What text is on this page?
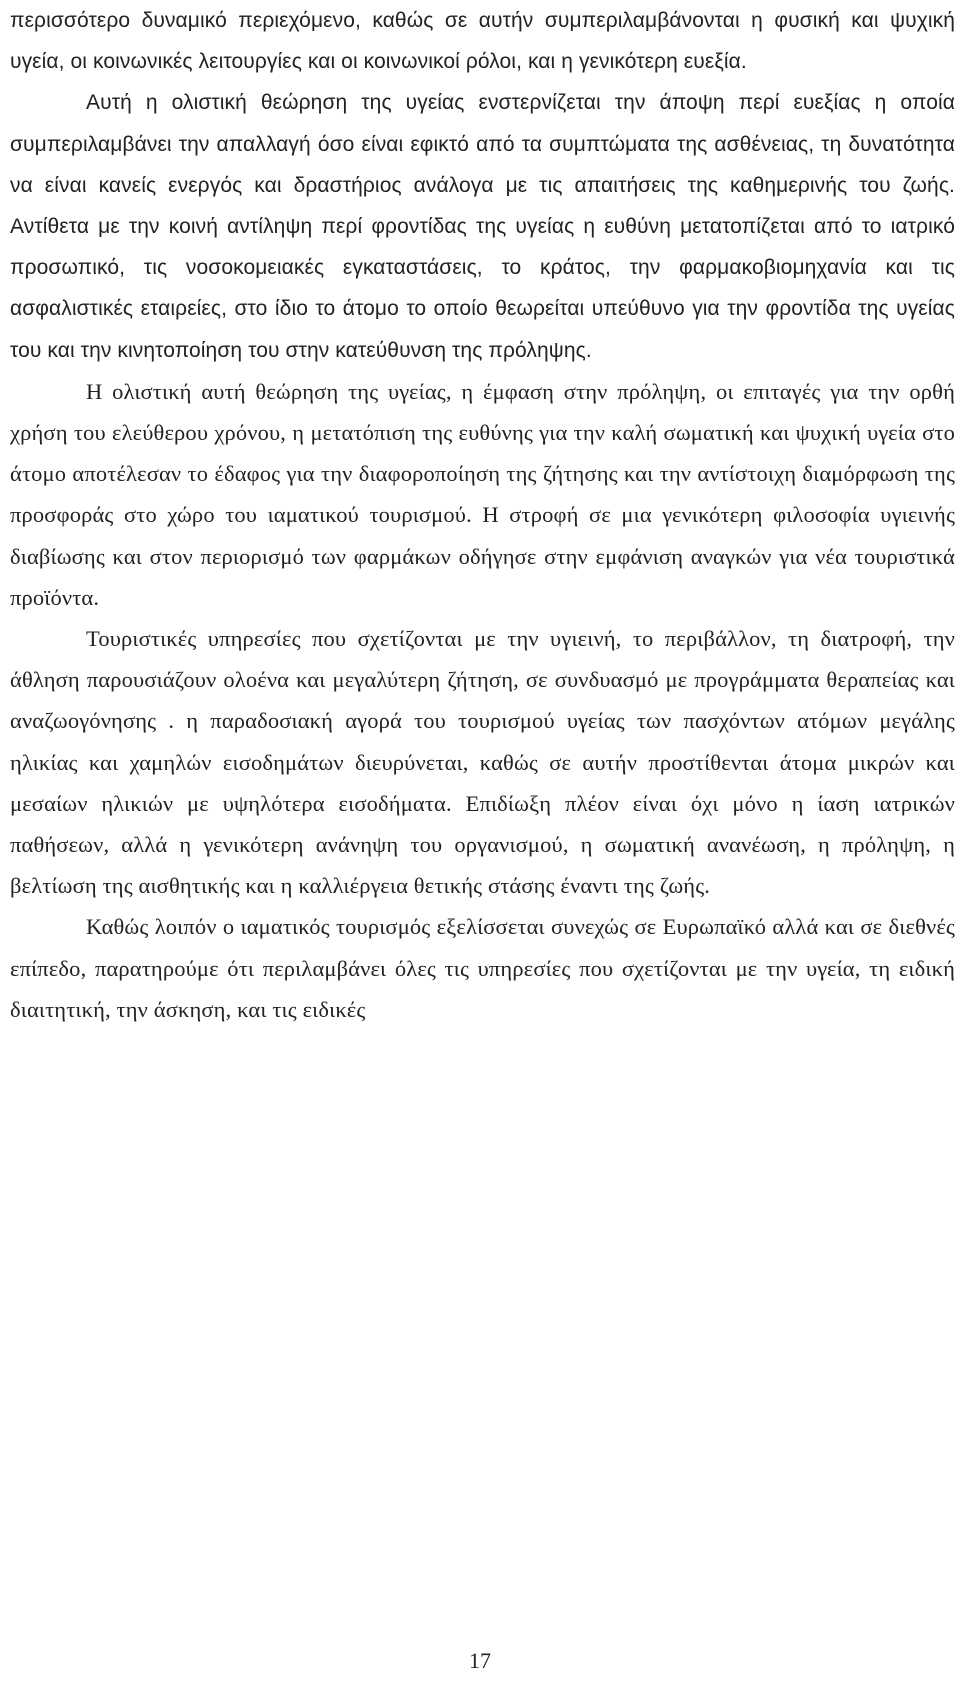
περισσότερο δυναμικό περιεχόμενο, καθώς σε αυτήν συμπεριλαμβάνονται η φυσική και ψυχική υγεία, οι κοινωνικές λειτουργίες και οι κοινωνικοί ρόλοι, και η γενικότερη ευεξία.

Αυτή η ολιστική θεώρηση της υγείας ενστερνίζεται την άποψη περί ευεξίας η οποία συμπεριλαμβάνει την απαλλαγή όσο είναι εφικτό από τα συμπτώματα της ασθένειας, τη δυνατότητα να είναι κανείς ενεργός και δραστήριος ανάλογα με τις απαιτήσεις της καθημερινής του ζωής. Αντίθετα με την κοινή αντίληψη περί φροντίδας της υγείας η ευθύνη μετατοπίζεται από το ιατρικό προσωπικό, τις νοσοκομειακές εγκαταστάσεις, το κράτος, την φαρμακοβιομηχανία και τις ασφαλιστικές εταιρείες, στο ίδιο το άτομο το οποίο θεωρείται υπεύθυνο για την φροντίδα της υγείας του και την κινητοποίηση του στην κατεύθυνση της πρόληψης.

Η ολιστική αυτή θεώρηση της υγείας, η έμφαση στην πρόληψη, οι επιταγές για την ορθή χρήση του ελεύθερου χρόνου, η μετατόπιση της ευθύνης για την καλή σωματική και ψυχική υγεία στο άτομο αποτέλεσαν το έδαφος για την διαφοροποίηση της ζήτησης και την αντίστοιχη διαμόρφωση της προσφοράς στο χώρο του ιαματικού τουρισμού. Η στροφή σε μια γενικότερη φιλοσοφία υγιεινής διαβίωσης και στον περιορισμό των φαρμάκων οδήγησε στην εμφάνιση αναγκών για νέα τουριστικά προϊόντα.

Τουριστικές υπηρεσίες που σχετίζονται με την υγιεινή, το περιβάλλον, τη διατροφή, την άθληση παρουσιάζουν ολοένα και μεγαλύτερη ζήτηση, σε συνδυασμό με προγράμματα θεραπείας και αναζωογόνησης . η παραδοσιακή αγορά του τουρισμού υγείας των πασχόντων ατόμων μεγάλης ηλικίας και χαμηλών εισοδημάτων διευρύνεται, καθώς σε αυτήν προστίθενται άτομα μικρών και μεσαίων ηλικιών με υψηλότερα εισοδήματα. Επιδίωξη πλέον είναι όχι μόνο η ίαση ιατρικών παθήσεων, αλλά η γενικότερη ανάνηψη του οργανισμού, η σωματική ανανέωση, η πρόληψη, η βελτίωση της αισθητικής και η καλλιέργεια θετικής στάσης έναντι της ζωής.

Καθώς λοιπόν ο ιαματικός τουρισμός εξελίσσεται συνεχώς σε Ευρωπαϊκό αλλά και σε διεθνές επίπεδο, παρατηρούμε ότι περιλαμβάνει όλες τις υπηρεσίες που σχετίζονται με την υγεία, τη ειδική διαιτητική, την άσκηση, και τις ειδικές

17
